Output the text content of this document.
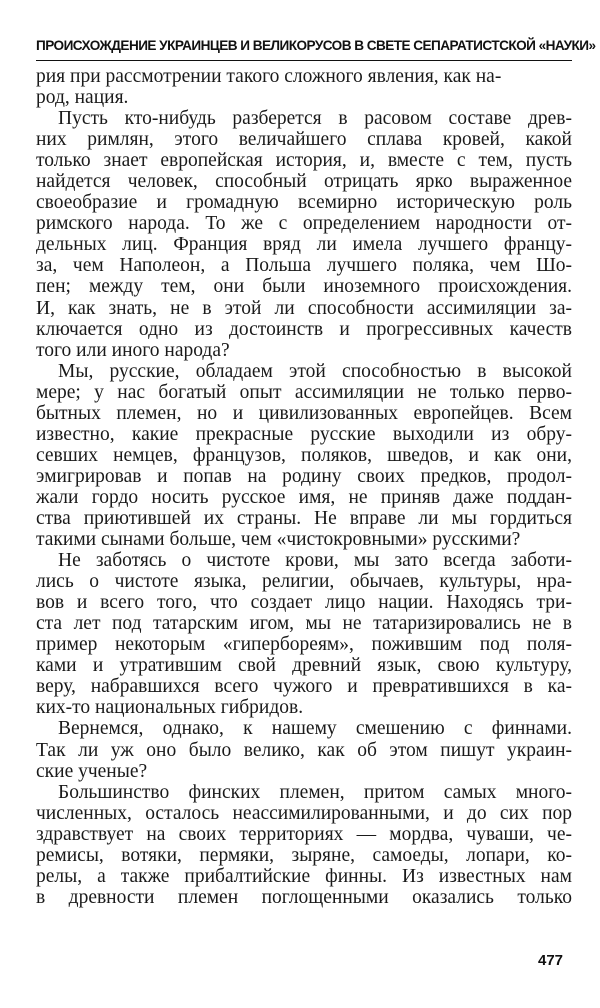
ПРОИСХОЖДЕНИЕ УКРАИНЦЕВ И ВЕЛИКОРУСОВ В СВЕТЕ СЕПАРАТИСТСКОЙ «НАУКИ»
рия при рассмотрении такого сложного явления, как на-
род, нация.
Пусть кто-нибудь разберется в расовом составе древ-
них римлян, этого величайшего сплава кровей, какой
только знает европейская история, и, вместе с тем, пусть
найдется человек, способный отрицать ярко выраженное
своеобразие и громадную всемирно историческую роль
римского народа. То же с определением народности от-
дельных лиц. Франция вряд ли имела лучшего францу-
за, чем Наполеон, а Польша лучшего поляка, чем Шо-
пен; между тем, они были иноземного происхождения.
И, как знать, не в этой ли способности ассимиляции за-
ключается одно из достоинств и прогрессивных качеств
того или иного народа?
Мы, русские, обладаем этой способностью в высокой
мере; у нас богатый опыт ассимиляции не только перво-
бытных племен, но и цивилизованных европейцев. Всем
известно, какие прекрасные русские выходили из обру-
севших немцев, французов, поляков, шведов, и как они,
эмигрировав и попав на родину своих предков, продол-
жали гордо носить русское имя, не приняв даже поддан-
ства приютившей их страны. Не вправе ли мы гордиться
такими сынами больше, чем «чистокровными» русскими?
Не заботясь о чистоте крови, мы зато всегда заботи-
лись о чистоте языка, религии, обычаев, культуры, нра-
вов и всего того, что создает лицо нации. Находясь три-
ста лет под татарским игом, мы не татаризировались не в
пример некоторым «гипербореям», пожившим под поля-
ками и утратившим свой древний язык, свою культуру,
веру, набравшихся всего чужого и превратившихся в ка-
ких-то национальных гибридов.
Вернемся, однако, к нашему смешению с финнами.
Так ли уж оно было велико, как об этом пишут украин-
ские ученые?
Большинство финских племен, притом самых много-
численных, осталось неассимилированными, и до сих пор
здравствует на своих территориях — мордва, чуваши, че-
ремисы, вотяки, пермяки, зыряне, самоеды, лопари, ко-
релы, а также прибалтийские финны. Из известных нам
в древности племен поглощенными оказались только
477
